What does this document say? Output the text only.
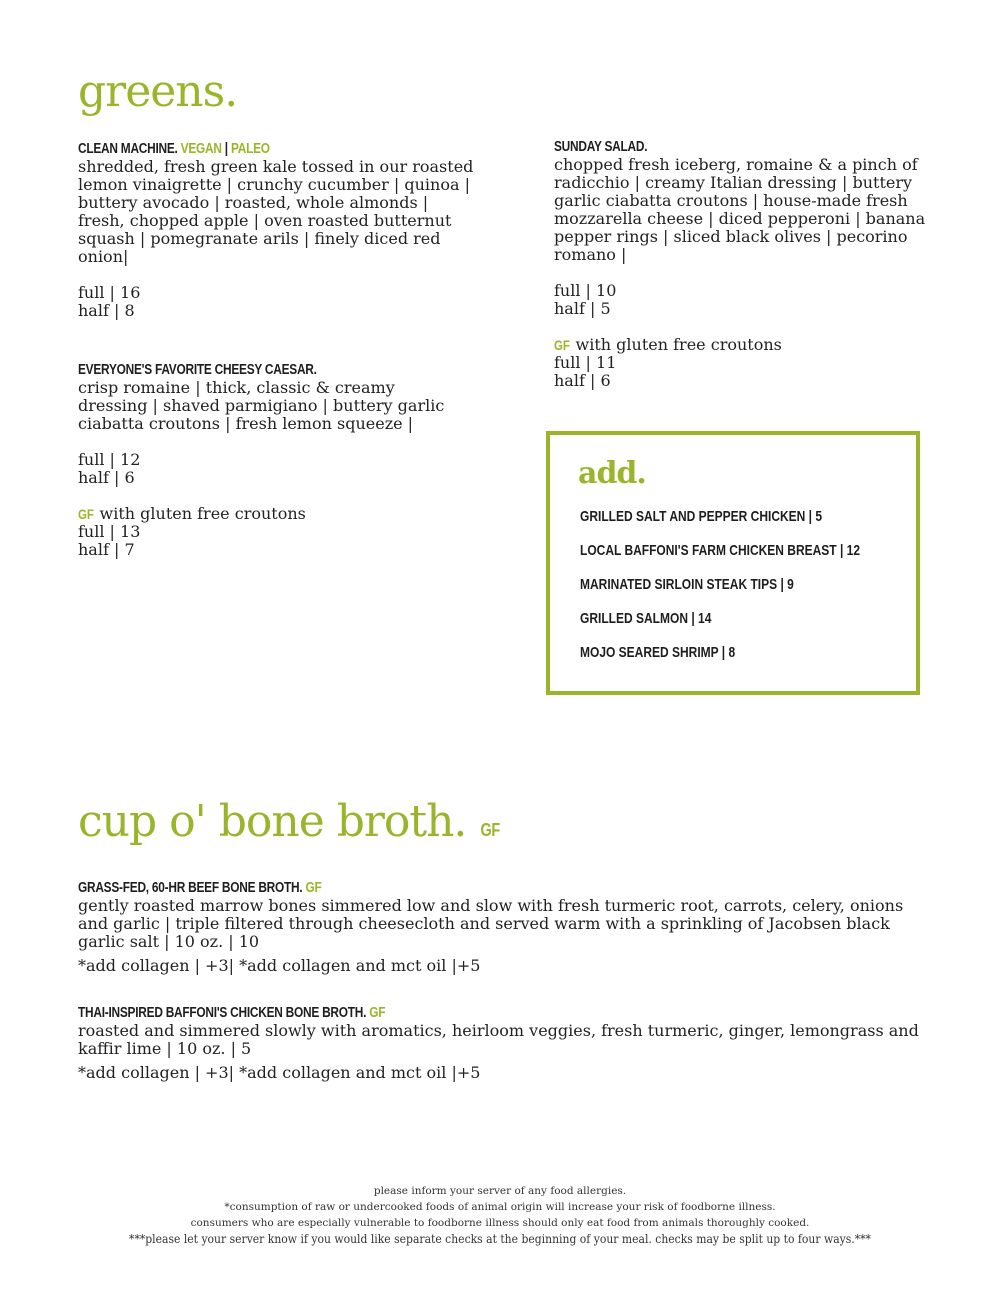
greens.
CLEAN MACHINE. VEGAN | PALEO

shredded, fresh green kale tossed in our roasted lemon vinaigrette | crunchy cucumber | quinoa | buttery avocado | roasted, whole almonds | fresh, chopped apple | oven roasted butternut squash | pomegranate arils | finely diced red onion|

full | 16
half | 8
EVERYONE'S FAVORITE CHEESY CAESAR.

crisp romaine | thick, classic & creamy dressing | shaved parmigiano | buttery garlic ciabatta croutons | fresh lemon squeeze |

full | 12
half | 6
GF with gluten free croutons
full | 13
half | 7
SUNDAY SALAD.

chopped fresh iceberg, romaine & a pinch of radicchio | creamy Italian dressing | buttery garlic ciabatta croutons | house-made fresh mozzarella cheese | diced pepperoni | banana pepper rings | sliced black olives | pecorino romano |

full | 10
half | 5
GF with gluten free croutons
full | 11
half | 6
add.
GRILLED SALT AND PEPPER CHICKEN | 5
LOCAL BAFFONI'S FARM CHICKEN BREAST | 12
MARINATED SIRLOIN STEAK TIPS | 9
GRILLED SALMON | 14
MOJO SEARED SHRIMP | 8
cup o' bone broth. GF
GRASS-FED, 60-HR BEEF BONE BROTH. GF

gently roasted marrow bones simmered low and slow with fresh turmeric root, carrots, celery, onions and garlic | triple filtered through cheesecloth and served warm with a sprinkling of Jacobsen black garlic salt | 10 oz. | 10

*add collagen | +3| *add collagen and mct oil |+5
THAI-INSPIRED BAFFONI'S CHICKEN BONE BROTH. GF

roasted and simmered slowly with aromatics, heirloom veggies, fresh turmeric, ginger, lemongrass and kaffir lime | 10 oz. | 5

*add collagen | +3| *add collagen and mct oil |+5
please inform your server of any food allergies.
*consumption of raw or undercooked foods of animal origin will increase your risk of foodborne illness.
consumers who are especially vulnerable to foodborne illness should only eat food from animals thoroughly cooked.
***please let your server know if you would like separate checks at the beginning of your meal. checks may be split up to four ways.***
